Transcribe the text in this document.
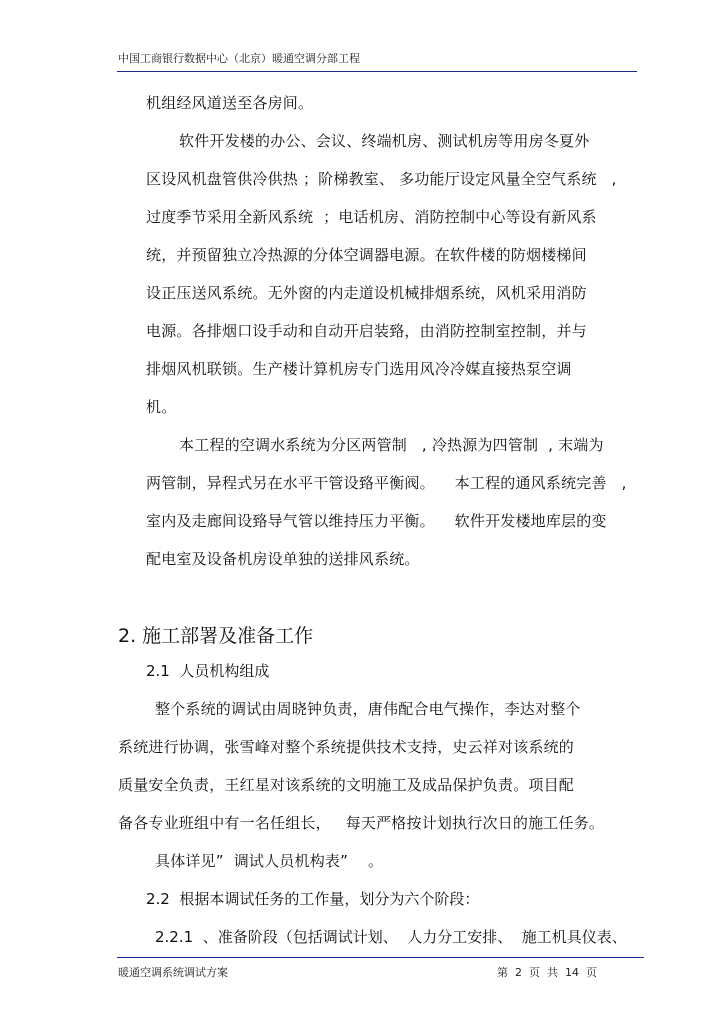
中国工商银行数据中心（北京）暖通空调分部工程
机组经风道送至各房间。
软件开发楼的办公、会议、终端机房、测试机房等用房冬夏外
区设风机盘管供冷供热 ；阶梯教室、 多功能厅设定风量全空气系统   ,
过度季节采用全新风系统  ；电话机房、消防控制中心等设有新风系
统，并预留独立冷热源的分体空调器电源。在软件楼的防烟楼梯间
设正压送风系统。无外窗的内走道设机械排烟系统，风机采用消防
电源。各排烟口设手动和自动开启装臵，由消防控制室控制，并与
排烟风机联锁。生产楼计算机房专门选用风冷冷媒直接热泵空调
机。
本工程的空调水系统为分区两管制   , 冷热源为四管制  , 末端为
两管制，异程式另在水平干管设臵平衡阀。    本工程的通风系统完善   ,
室内及走廊间设臵导气管以维持压力平衡。    软件开发楼地库层的变
配电室及设备机房设单独的送排风系统。
2. 施工部署及准备工作
2.1  人员机构组成
整个系统的调试由周晓钟负责，唐伟配合电气操作，李达对整个
系统进行协调，张雪峰对整个系统提供技术支持，史云祥对该系统的
质量安全负责，王红星对该系统的文明施工及成品保护负责。项目配
备各专业班组中有一名任组长，   每天严格按计划执行次日的施工任务。
具体详见”  调试人员机构表”    。
2.2  根据本调试任务的工作量，划分为六个阶段：
2.2.1  、准备阶段（包括调试计划、  人力分工安排、  施工机具仪表、
暖通空调系统调试方案	第  2  页  共  14  页
